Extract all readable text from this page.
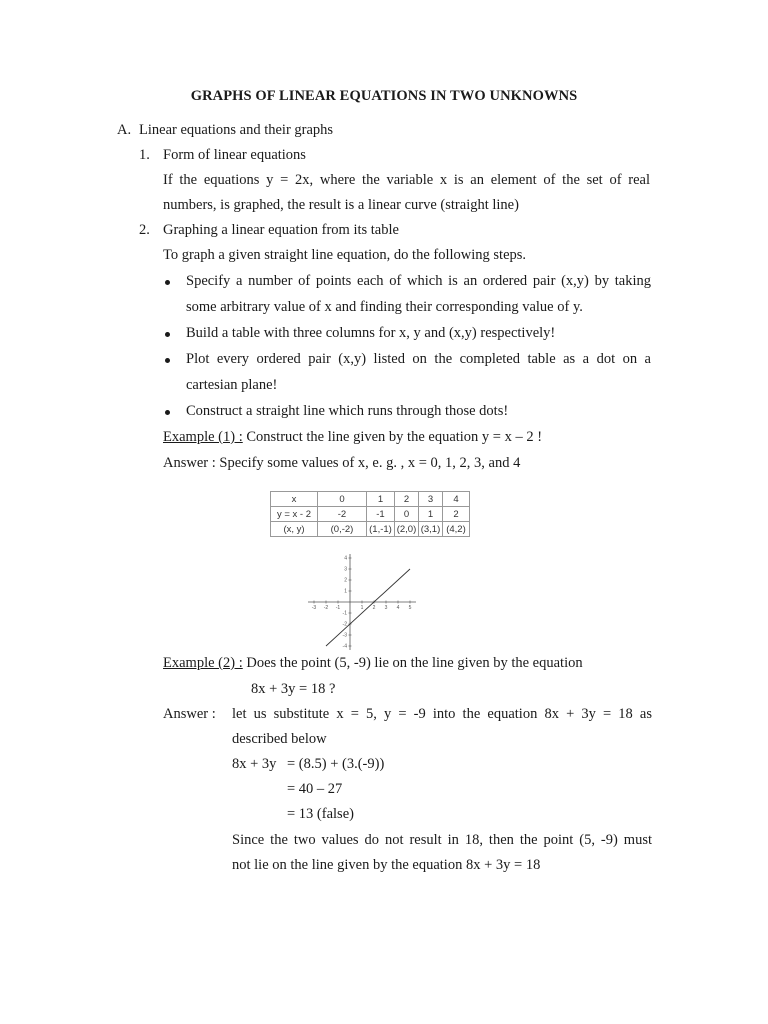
GRAPHS OF LINEAR EQUATIONS IN TWO UNKNOWNS
A. Linear equations and their graphs
1. Form of linear equations
If the equations y = 2x, where the variable x is an element of the set of real
numbers, is graphed, the result is a linear curve (straight line)
2. Graphing a linear equation from its table
To graph a given straight line equation, do the following steps.
Specify a number of points each of which is an ordered pair (x,y) by taking
some arbitrary value of x and finding their corresponding value of y.
Build a table with three columns for x, y and (x,y) respectively!
Plot every ordered pair (x,y) listed on the completed table as a dot on a
cartesian plane!
Construct a straight line which runs through those dots!
Example (1) : Construct the line given by the equation y = x – 2 !
Answer : Specify some values of x, e. g. , x = 0, 1, 2, 3, and 4
x	0	1	2	3	4
y = x - 2	-2	-1	0	1	2
(x, y)	(0,-2)	(1,-1)	(2,0)	(3,1)	(4,2)
-3 -2 -1	1 2 3 4 5
4
3
2
1
-1
-2
-3
-4
Example (2) : Does the point (5, -9) lie on the line given by the equation
8x + 3y = 18 ?
Answer : let us substitute x = 5, y = -9 into the equation 8x + 3y = 18 as
described below
8x + 3y = (8.5) + (3.(-9))
= 40 – 27
= 13 (false)
Since the two values do not result in 18, then the point (5, -9) must
not lie on the line given by the equation 8x + 3y = 18
